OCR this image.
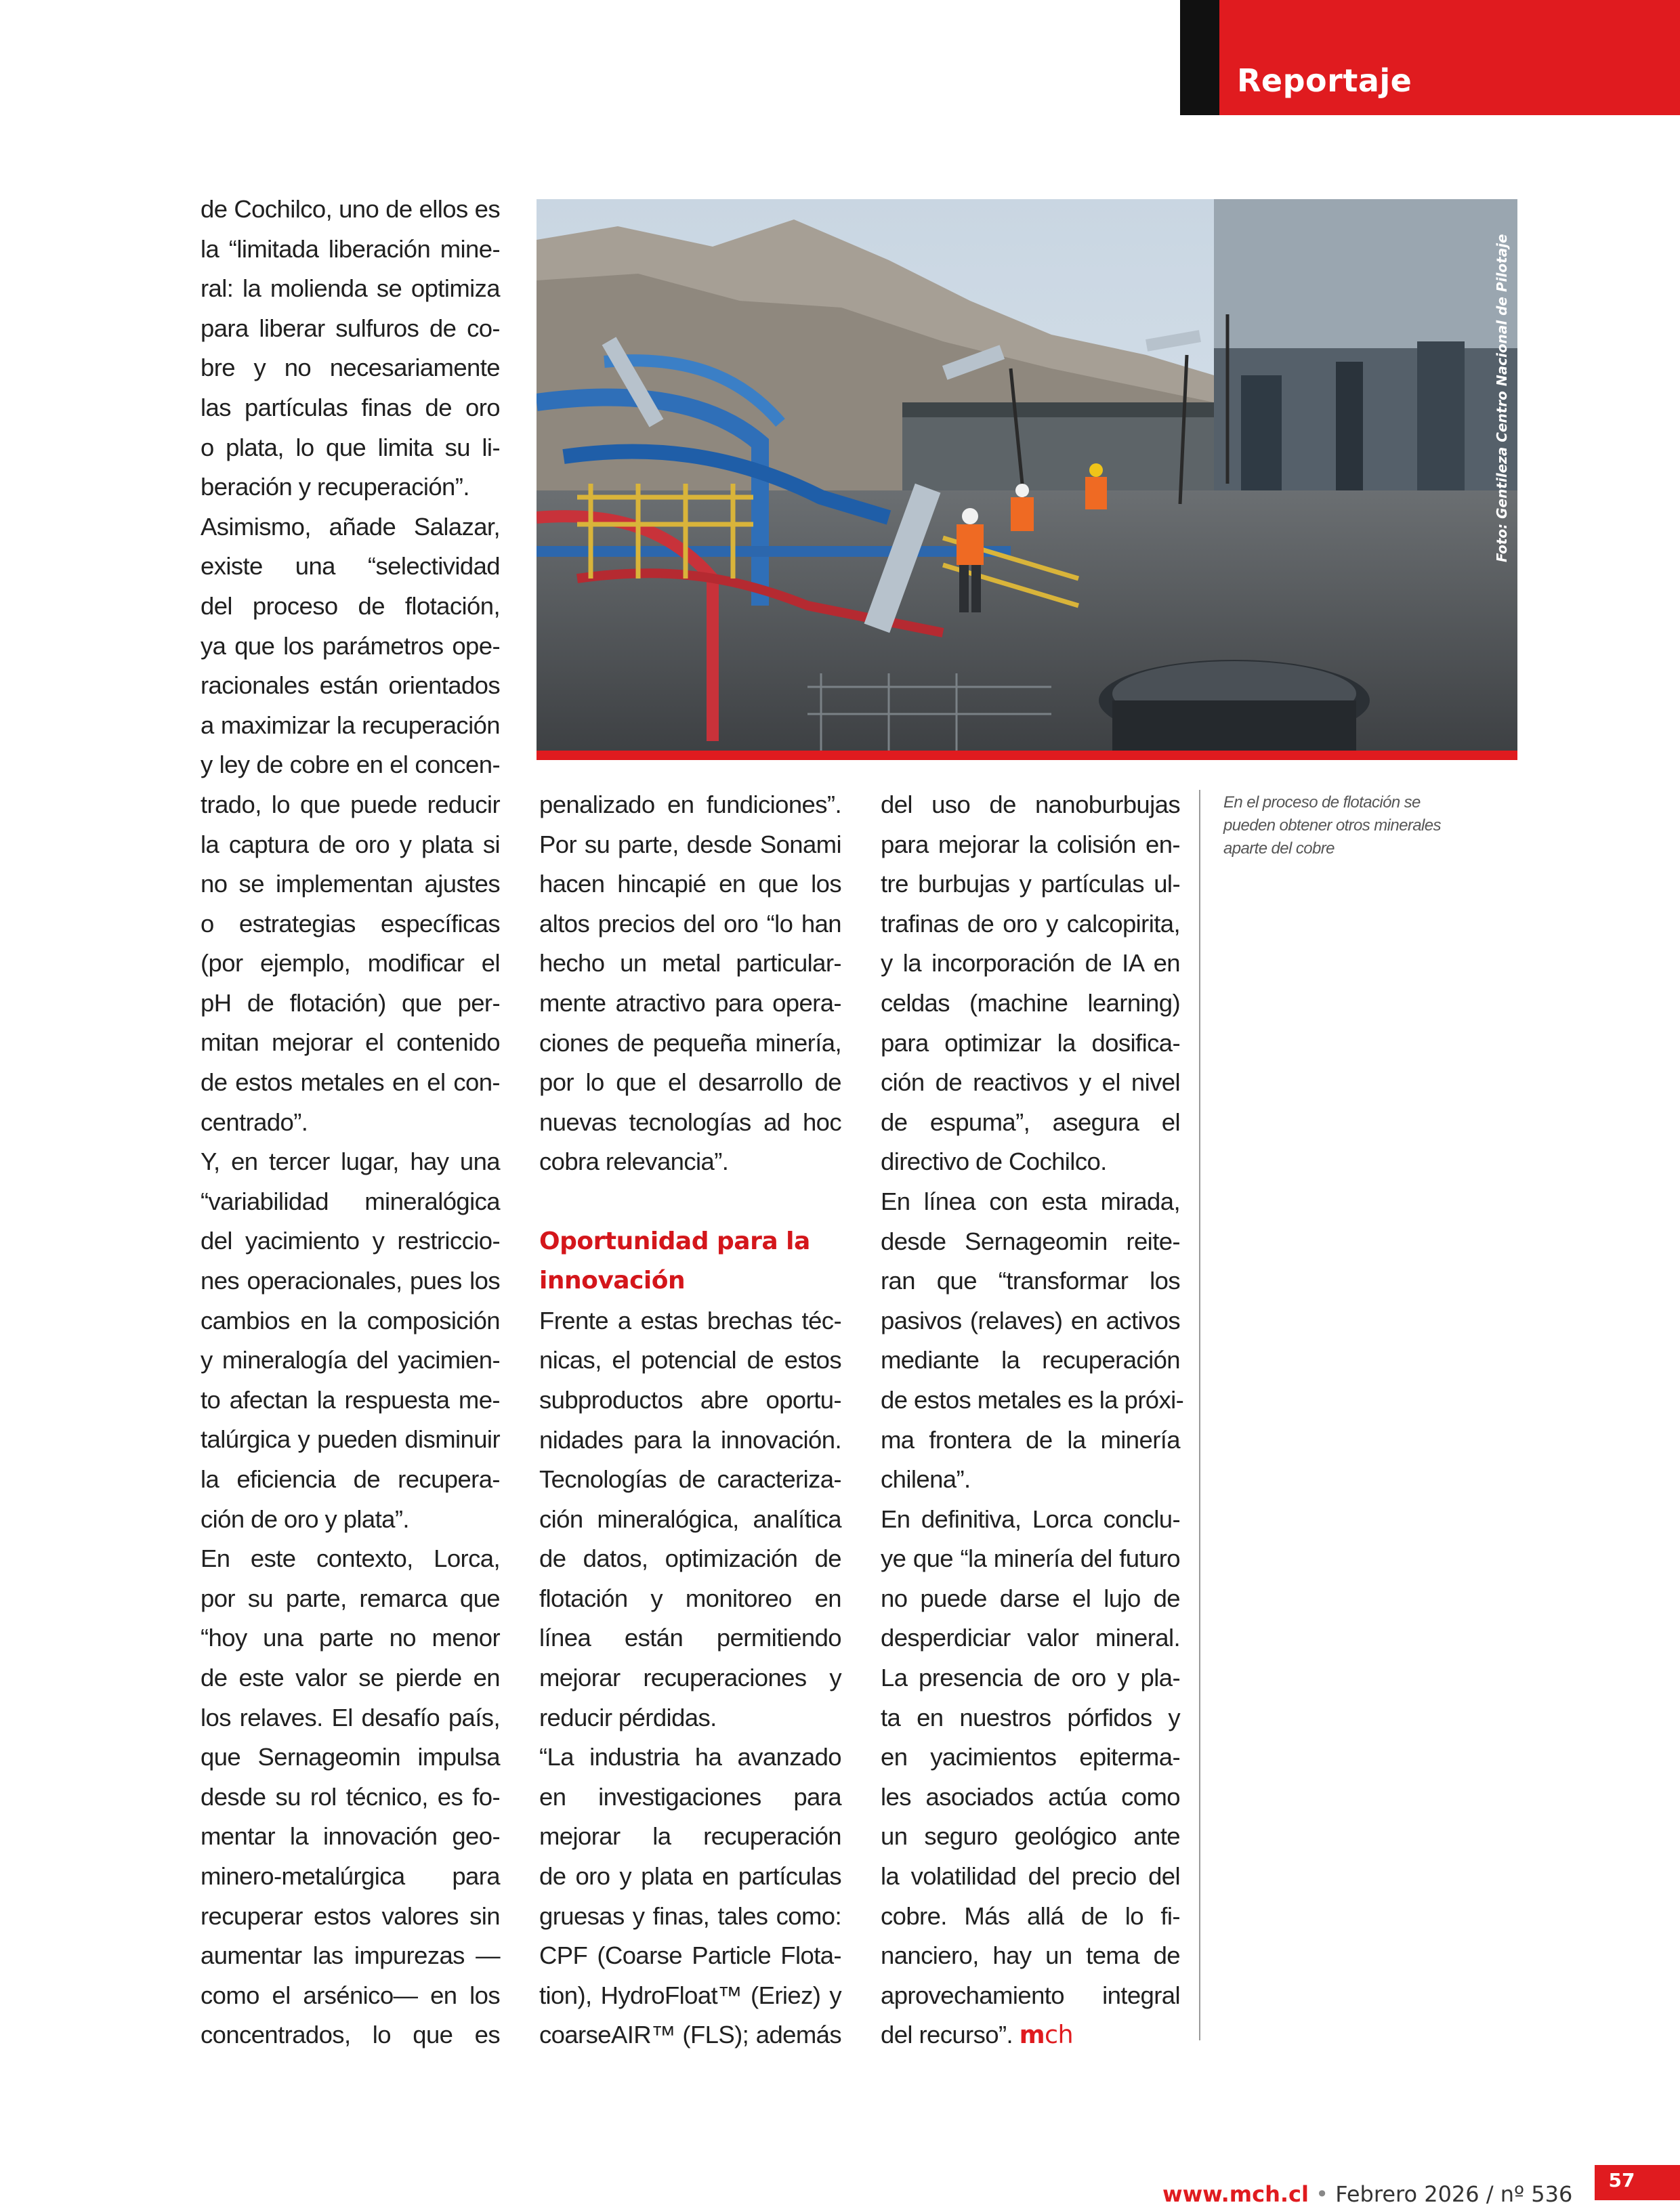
Reportaje
Foto: Gentileza Centro Nacional de Pilotaje
de Cochilco, uno de ellos es
la “limitada liberación mine-
ral: la molienda se optimiza
para liberar sulfuros de co-
bre y no necesariamente
las partículas finas de oro
o plata, lo que limita su li-
beración y recuperación”.
Asimismo, añade Salazar,
existe una “selectividad
del proceso de flotación,
ya que los parámetros ope-
racionales están orientados
a maximizar la recuperación
y ley de cobre en el concen-
trado, lo que puede reducir
la captura de oro y plata si
no se implementan ajustes
o estrategias específicas
(por ejemplo, modificar el
pH de flotación) que per-
mitan mejorar el contenido
de estos metales en el con-
centrado”.
Y, en tercer lugar, hay una
“variabilidad mineralógica
del yacimiento y restriccio-
nes operacionales, pues los
cambios en la composición
y mineralogía del yacimien-
to afectan la respuesta me-
talúrgica y pueden disminuir
la eficiencia de recupera-
ción de oro y plata”.
En este contexto, Lorca,
por su parte, remarca que
“hoy una parte no menor
de este valor se pierde en
los relaves. El desafío país,
que Sernageomin impulsa
desde su rol técnico, es fo-
mentar la innovación geo-
minero-metalúrgica para
recuperar estos valores sin
aumentar las impurezas —
como el arsénico— en los
concentrados, lo que es
penalizado en fundiciones”.
Por su parte, desde Sonami
hacen hincapié en que los
altos precios del oro “lo han
hecho un metal particular-
mente atractivo para opera-
ciones de pequeña minería,
por lo que el desarrollo de
nuevas tecnologías ad hoc
cobra relevancia”.
Oportunidad para la
innovación
Frente a estas brechas téc-
nicas, el potencial de estos
subproductos abre oportu-
nidades para la innovación.
Tecnologías de caracteriza-
ción mineralógica, analítica
de datos, optimización de
flotación y monitoreo en
línea están permitiendo
mejorar recuperaciones y
reducir pérdidas.
“La industria ha avanzado
en investigaciones para
mejorar la recuperación
de oro y plata en partículas
gruesas y finas, tales como:
CPF (Coarse Particle Flota-
tion), HydroFloat™ (Eriez) y
coarseAIR™ (FLS); además
del uso de nanoburbujas
para mejorar la colisión en-
tre burbujas y partículas ul-
trafinas de oro y calcopirita,
y la incorporación de IA en
celdas (machine learning)
para optimizar la dosifica-
ción de reactivos y el nivel
de espuma”, asegura el
directivo de Cochilco.
En línea con esta mirada,
desde Sernageomin reite-
ran que “transformar los
pasivos (relaves) en activos
mediante la recuperación
de estos metales es la próxi-
ma frontera de la minería
chilena”.
En definitiva, Lorca conclu-
ye que “la minería del futuro
no puede darse el lujo de
desperdiciar valor mineral.
La presencia de oro y pla-
ta en nuestros pórfidos y
en yacimientos epiterma-
les asociados actúa como
un seguro geológico ante
la volatilidad del precio del
cobre. Más allá de lo fi-
nanciero, hay un tema de
aprovechamiento integral
del recurso”. mch
En el proceso de flotación se
pueden obtener otros minerales
aparte del cobre
www.mch.cl • Febrero 2026 / nº 536
57
